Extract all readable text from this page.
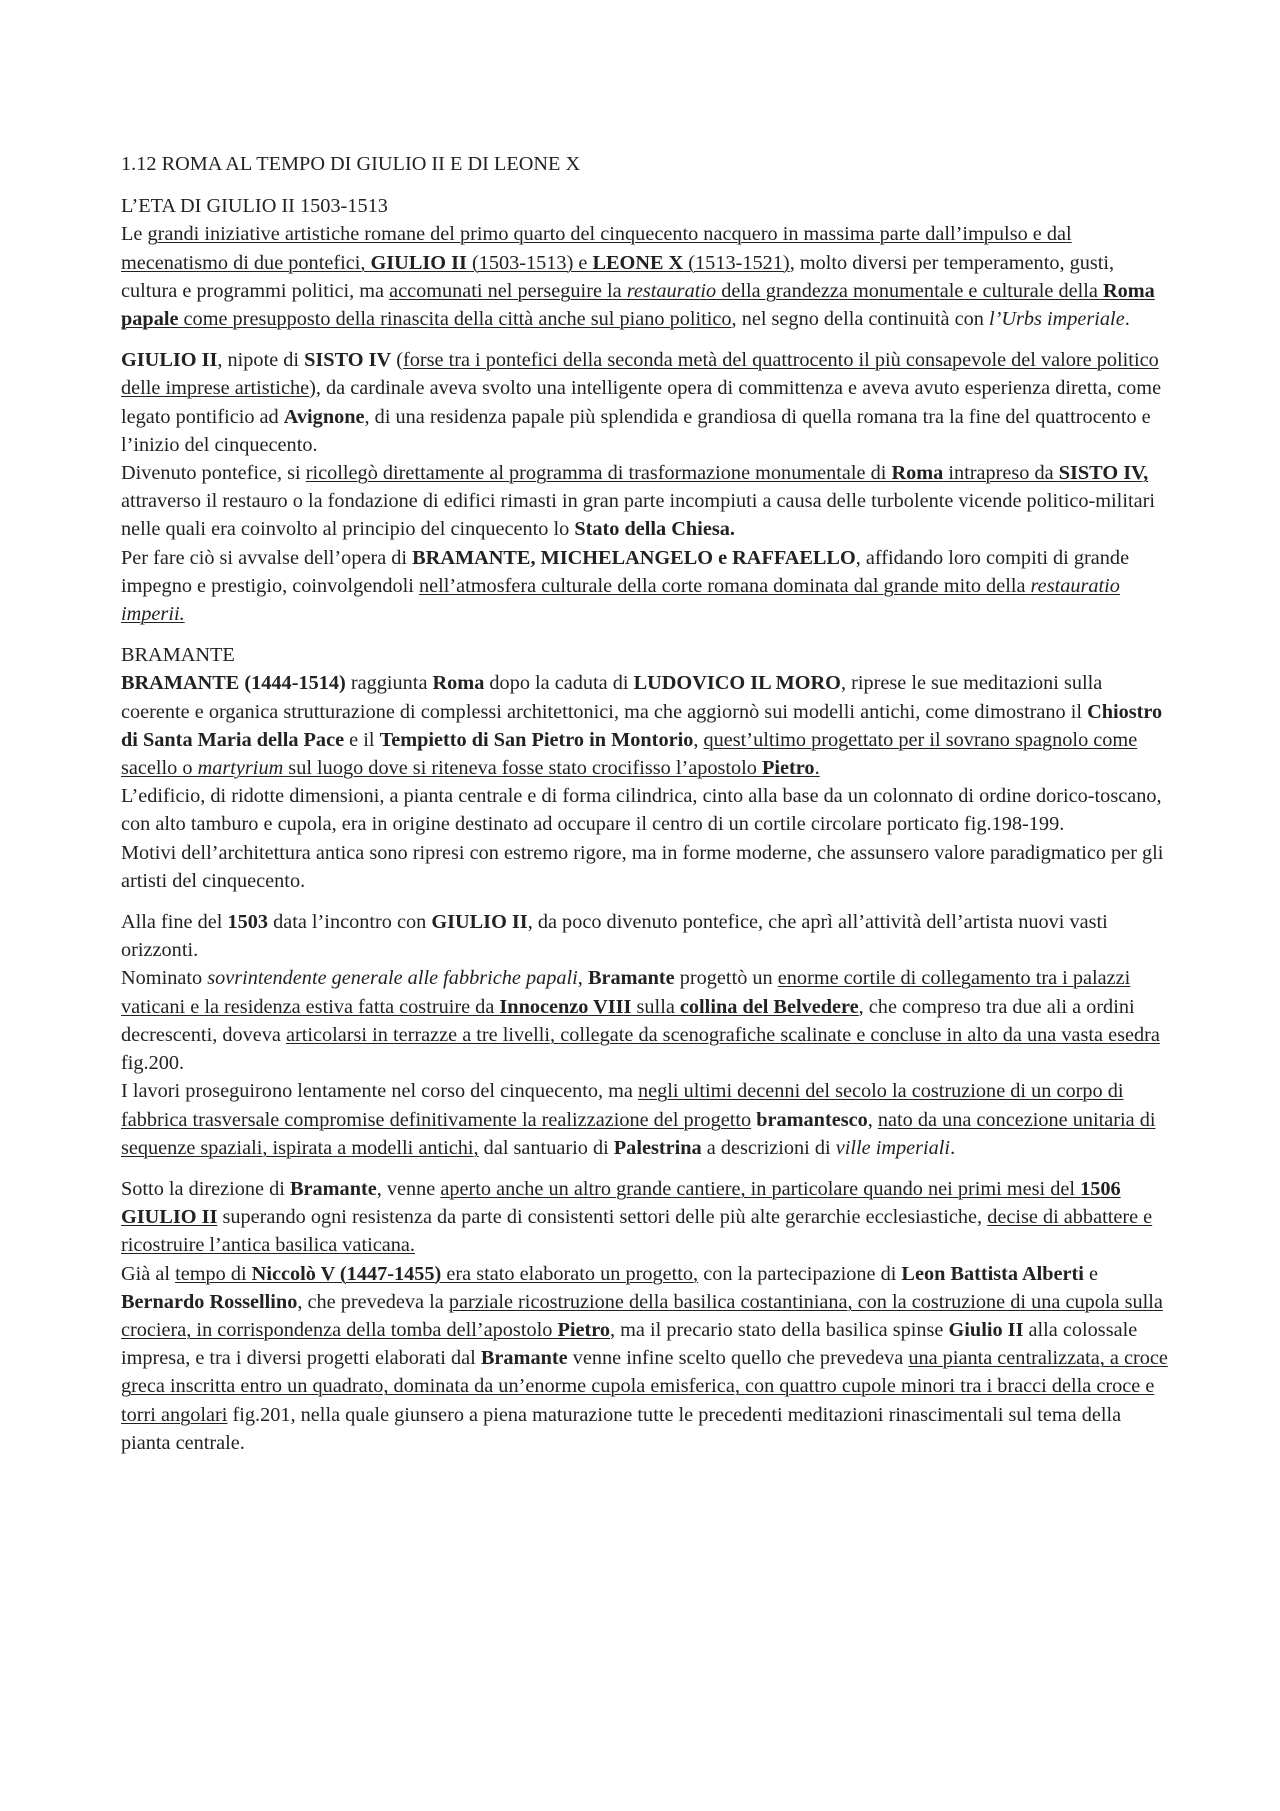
1.12 ROMA AL TEMPO DI GIULIO II E DI LEONE X

L’ETA DI GIULIO II 1503-1513

Le grandi iniziative artistiche romane del primo quarto del cinquecento nacquero in massima parte dall’impulso e dal mecenatismo di due pontefici, GIULIO II (1503-1513) e LEONE X (1513-1521), molto diversi per temperamento, gusti, cultura e programmi politici, ma accomunati nel perseguire la restauratio della grandezza monumentale e culturale della Roma papale come presupposto della rinascita della città anche sul piano politico, nel segno della continuità con l’Urbs imperiale.

GIULIO II, nipote di SISTO IV (forse tra i pontefici della seconda metà del quattrocento il più consapevole del valore politico delle imprese artistiche), da cardinale aveva svolto una intelligente opera di committenza e aveva avuto esperienza diretta, come legato pontificio ad Avignone, di una residenza papale più splendida e grandiosa di quella romana tra la fine del quattrocento e l’inizio del cinquecento.

Divenuto pontefice, si ricollegò direttamente al programma di trasformazione monumentale di Roma intrapreso da SISTO IV, attraverso il restauro o la fondazione di edifici rimasti in gran parte incompiuti a causa delle turbolente vicende politico-militari nelle quali era coinvolto al principio del cinquecento lo Stato della Chiesa.

Per fare ciò si avvalse dell’opera di BRAMANTE, MICHELANGELO e RAFFAELLO, affidando loro compiti di grande impegno e prestigio, coinvolgendoli nell’atmosfera culturale della corte romana dominata dal grande mito della restauratio imperii.

BRAMANTE

BRAMANTE (1444-1514) raggiunta Roma dopo la caduta di LUDOVICO IL MORO, riprese le sue meditazioni sulla coerente e organica strutturazione di complessi architettonici, ma che aggiornò sui modelli antichi, come dimostrano il Chiostro di Santa Maria della Pace e il Tempietto di San Pietro in Montorio, quest’ultimo progettato per il sovrano spagnolo come sacello o martyrium sul luogo dove si riteneva fosse stato crocifisso l’apostolo Pietro.

L’edificio, di ridotte dimensioni, a pianta centrale e di forma cilindrica, cinto alla base da un colonnato di ordine dorico-toscano, con alto tamburo e cupola, era in origine destinato ad occupare il centro di un cortile circolare porticato fig.198-199.

Motivi dell’architettura antica sono ripresi con estremo rigore, ma in forme moderne, che assunsero valore paradigmatico per gli artisti del cinquecento.

Alla fine del 1503 data l’incontro con GIULIO II, da poco divenuto pontefice, che aprì all’attività dell’artista nuovi vasti orizzonti.

Nominato sovrintendente generale alle fabbriche papali, Bramante progettò un enorme cortile di collegamento tra i palazzi vaticani e la residenza estiva fatta costruire da Innocenzo VIII sulla collina del Belvedere, che compreso tra due ali a ordini decrescenti, doveva articolarsi in terrazze a tre livelli, collegate da scenografiche scalinate e concluse in alto da una vasta esedra fig.200.

I lavori proseguirono lentamente nel corso del cinquecento, ma negli ultimi decenni del secolo la costruzione di un corpo di fabbrica trasversale compromise definitivamente la realizzazione del progetto bramantesco, nato da una concezione unitaria di sequenze spaziali, ispirata a modelli antichi, dal santuario di Palestrina a descrizioni di ville imperiali.

Sotto la direzione di Bramante, venne aperto anche un altro grande cantiere, in particolare quando nei primi mesi del 1506 GIULIO II superando ogni resistenza da parte di consistenti settori delle più alte gerarchie ecclesiastiche, decise di abbattere e ricostruire l’antica basilica vaticana.

Già al tempo di Niccolò V (1447-1455) era stato elaborato un progetto, con la partecipazione di Leon Battista Alberti e Bernardo Rossellino, che prevedeva la parziale ricostruzione della basilica costantiniana, con la costruzione di una cupola sulla crociera, in corrispondenza della tomba dell’apostolo Pietro, ma il precario stato della basilica spinse Giulio II alla colossale impresa, e tra i diversi progetti elaborati dal Bramante venne infine scelto quello che prevedeva una pianta centralizzata, a croce greca inscritta entro un quadrato, dominata da un’enorme cupola emisferica, con quattro cupole minori tra i bracci della croce e torri angolari fig.201, nella quale giunsero a piena maturazione tutte le precedenti meditazioni rinascimentali sul tema della pianta centrale.
